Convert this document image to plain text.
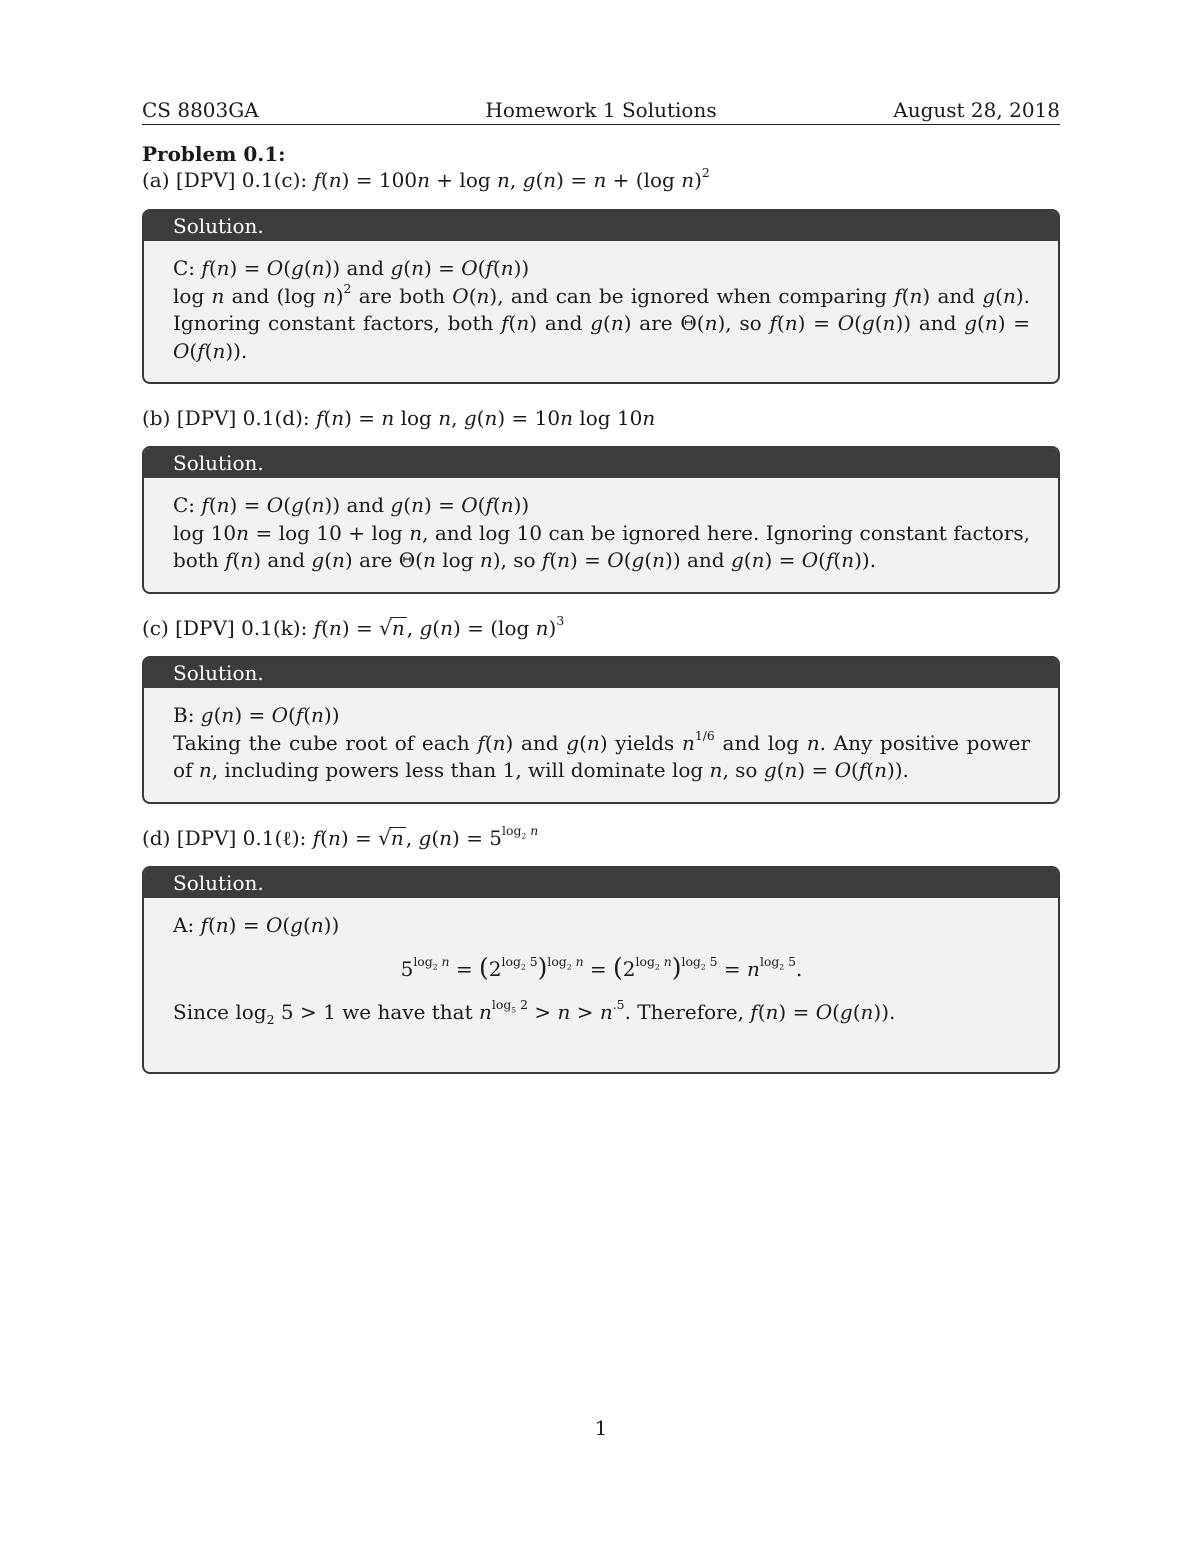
CS 8803GA	Homework 1 Solutions	August 28, 2018
Problem 0.1:
(a) [DPV] 0.1(c): f(n) = 100n + log n, g(n) = n + (log n)$^2$
Solution.

C: f(n) = O(g(n)) and g(n) = O(f(n))

log n and (log n)$^2$ are both O(n), and can be ignored when comparing f(n) and g(n). Ignoring constant factors, both f(n) and g(n) are Θ(n), so f(n) = O(g(n)) and g(n) = O(f(n)).

(b) [DPV] 0.1(d): f(n) = n log n, g(n) = 10n log 10n
Solution.

C: f(n) = O(g(n)) and g(n) = O(f(n))

log 10n = log 10 + log n, and log 10 can be ignored here. Ignoring constant factors, both f(n) and g(n) are Θ(n log n), so f(n) = O(g(n)) and g(n) = O(f(n)).

(c) [DPV] 0.1(k): f(n) = √n , g(n) = (log n)$^3$
Solution.

B: g(n) = O(f(n))

Taking the cube root of each f(n) and g(n) yields $n^{1/6}$ and log n. Any positive power of n, including powers less than 1, will dominate log n, so g(n) = O(f(n)).

(d) [DPV] 0.1(ℓ): f(n) = √n , $g(n) = 5^{log_2 n}$
Solution.

A: f(n) = O(g(n))

$5^{log_2 n} = (2^{log_2 5})^{log_2 n} = (2^{log_2 n})^{log_2 5} = n^{log_2 5}$.

Since $\log_2 5 > 1$ we have that $n^{log_5 2} > n > n^{.5}$. Therefore, f(n) = O(g(n)).

1
